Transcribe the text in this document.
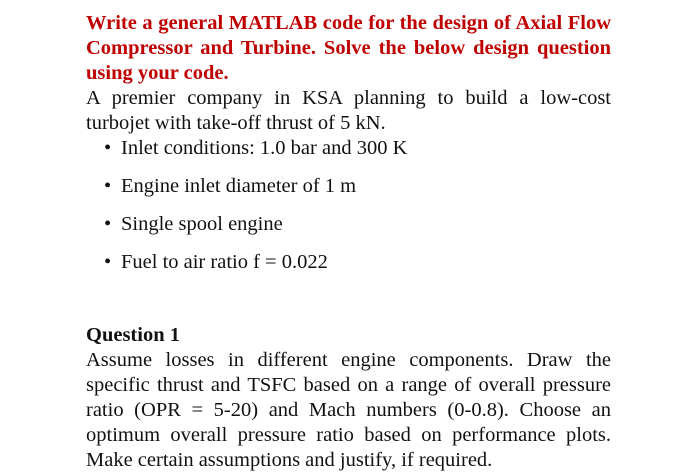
Write a general MATLAB code for the design of Axial Flow Compressor and Turbine. Solve the below design question using your code.

A premier company in KSA planning to build a low-cost turbojet with take-off thrust of 5 kN.

• Inlet conditions: 1.0 bar and 300 K
• Engine inlet diameter of 1 m
• Single spool engine
• Fuel to air ratio f = 0.022

Question 1

Assume losses in different engine components. Draw the specific thrust and TSFC based on a range of overall pressure ratio (OPR = 5-20) and Mach numbers (0-0.8). Choose an optimum overall pressure ratio based on performance plots. Make certain assumptions and justify, if required.
